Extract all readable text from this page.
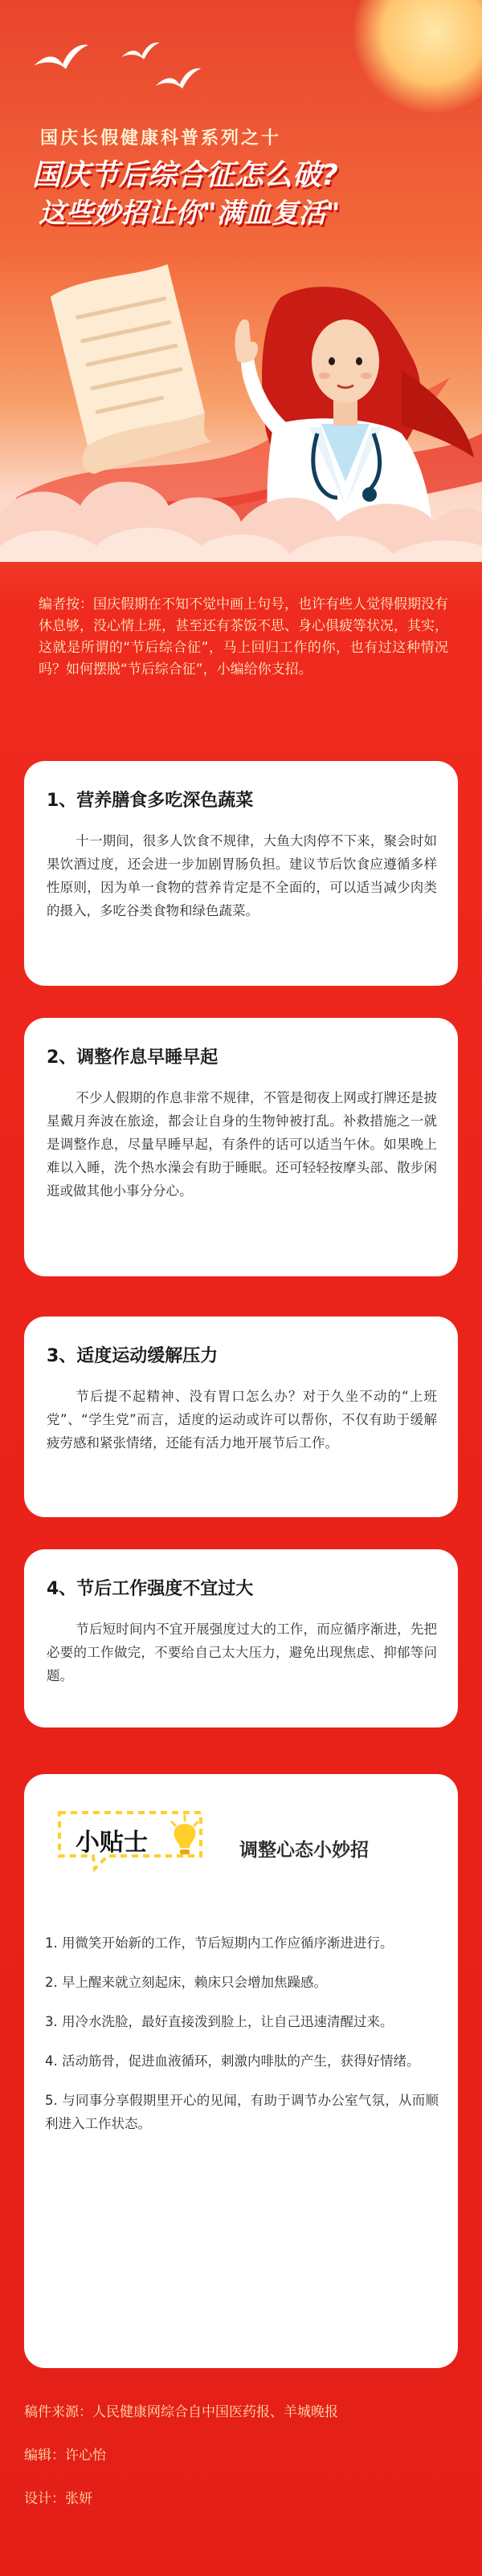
国庆长假健康科普系列之十
国庆节后综合征怎么破?
这些妙招让你"满血复活"
编者按：国庆假期在不知不觉中画上句号，也许有些人觉得假期没有休息够，没心情上班，甚至还有茶饭不思、身心俱疲等状况，其实，这就是所谓的“节后综合征”，马上回归工作的你，也有过这种情况吗？如何摆脱“节后综合征”，小编给你支招。
1、营养膳食多吃深色蔬菜

十一期间，很多人饮食不规律，大鱼大肉停不下来，聚会时如果饮酒过度，还会进一步加剧胃肠负担。建议节后饮食应遵循多样性原则，因为单一食物的营养肯定是不全面的，可以适当减少肉类的摄入，多吃谷类食物和绿色蔬菜。

2、调整作息早睡早起

不少人假期的作息非常不规律，不管是彻夜上网或打牌还是披星戴月奔波在旅途，都会让自身的生物钟被打乱。补救措施之一就是调整作息，尽量早睡早起，有条件的话可以适当午休。如果晚上难以入睡，洗个热水澡会有助于睡眠。还可轻轻按摩头部、散步闲逛或做其他小事分分心。

3、适度运动缓解压力

节后提不起精神、没有胃口怎么办？对于久坐不动的“上班党”、“学生党”而言，适度的运动或许可以帮你，不仅有助于缓解疲劳感和紧张情绪，还能有活力地开展节后工作。

4、节后工作强度不宜过大

节后短时间内不宜开展强度过大的工作，而应循序渐进，先把必要的工作做完，不要给自己太大压力，避免出现焦虑、抑郁等问题。

小贴士	调整心态小妙招
1. 用微笑开始新的工作，节后短期内工作应循序渐进进行。
2. 早上醒来就立刻起床，赖床只会增加焦躁感。
3. 用冷水洗脸，最好直接泼到脸上，让自己迅速清醒过来。
4. 活动筋骨，促进血液循环，刺激内啡肽的产生，获得好情绪。
5. 与同事分享假期里开心的见闻，有助于调节办公室气氛，从而顺利进入工作状态。
稿件来源：人民健康网综合自中国医药报、羊城晚报
编辑：许心怡
设计：张妍
